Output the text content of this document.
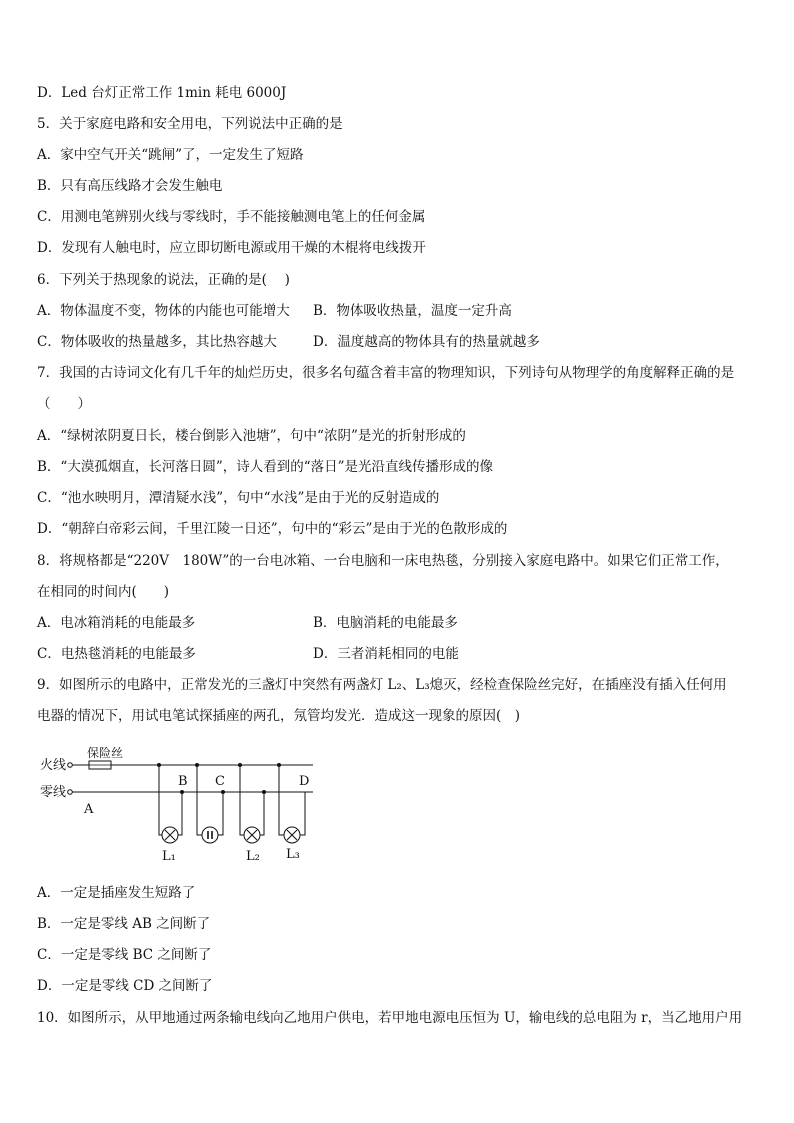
D．Led 台灯正常工作 1min 耗电 6000J
5．关于家庭电路和安全用电，下列说法中正确的是
A．家中空气开关“跳闸”了，一定发生了短路
B．只有高压线路才会发生触电
C．用测电笔辨别火线与零线时，手不能接触测电笔上的任何金属
D．发现有人触电时，应立即切断电源或用干燥的木棍将电线拨开
6．下列关于热现象的说法，正确的是(　 )
A．物体温度不变，物体的内能也可能增大 B．物体吸收热量，温度一定升高
C．物体吸收的热量越多，其比热容越大	D．温度越高的物体具有的热量就越多
7．我国的古诗词文化有几千年的灿烂历史，很多名句蕴含着丰富的物理知识，下列诗句从物理学的角度解释正确的是
（　　）
A．“绿树浓阴夏日长，楼台倒影入池塘”，句中“浓阴”是光的折射形成的
B．“大漠孤烟直，长河落日圆”，诗人看到的“落日”是光沿直线传播形成的像
C．“池水映明月，潭清疑水浅”，句中“水浅”是由于光的反射造成的
D．“朝辞白帝彩云间，千里江陵一日还”，句中的“彩云”是由于光的色散形成的
8．将规格都是“220V　180W”的一台电冰箱、一台电脑和一床电热毯，分别接入家庭电路中。如果它们正常工作，
在相同的时间内(　　)
A．电冰箱消耗的电能最多	B．电脑消耗的电能最多
C．电热毯消耗的电能最多	D．三者消耗相同的电能
9．如图所示的电路中，正常发光的三盏灯中突然有两盏灯 L₂、L₃熄灭，经检查保险丝完好，在插座没有插入任何用
电器的情况下，用试电笔试探插座的两孔，氖管均发光．造成这一现象的原因(　)
火线
零线
保险丝
A
B C	D
L₁	L₂ L₃
A．一定是插座发生短路了
B．一定是零线 AB 之间断了
C．一定是零线 BC 之间断了
D．一定是零线 CD 之间断了
10．如图所示，从甲地通过两条输电线向乙地用户供电，若甲地电源电压恒为 U，输电线的总电阻为 r，当乙地用户用
